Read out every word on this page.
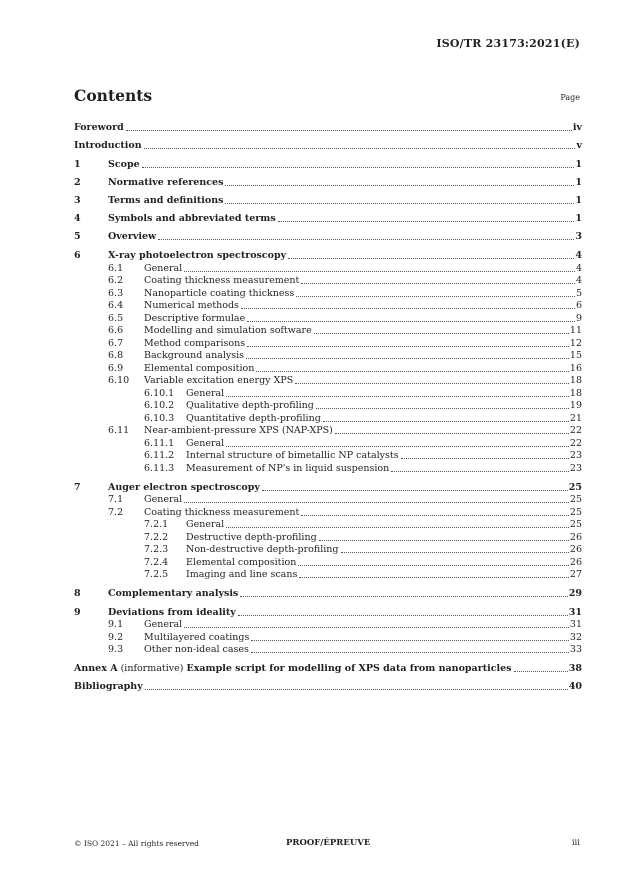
ISO/TR 23173:2021(E)
Contents	Page
Foreword	iv
Introduction	v
1	Scope	1
2	Normative references	1
3	Terms and definitions	1
4	Symbols and abbreviated terms	1
5	Overview	3
6	X-ray photoelectron spectroscopy	4
6.1 General	4
6.2 Coating thickness measurement	4
6.3 Nanoparticle coating thickness	5
6.4 Numerical methods	6
6.5 Descriptive formulae	9
6.6 Modelling and simulation software	11
6.7 Method comparisons	12
6.8 Background analysis	15
6.9 Elemental composition	16
6.10 Variable excitation energy XPS	18
6.10.1 General	18
6.10.2 Qualitative depth-profiling	19
6.10.3 Quantitative depth-profiling	21
6.11 Near-ambient-pressure XPS (NAP-XPS)	22
6.11.1 General	22
6.11.2 Internal structure of bimetallic NP catalysts	23
6.11.3 Measurement of NP's in liquid suspension	23
7	Auger electron spectroscopy	25
7.1 General	25
7.2 Coating thickness measurement	25
7.2.1 General	25
7.2.2 Destructive depth-profiling	26
7.2.3 Non-destructive depth-profiling	26
7.2.4 Elemental composition	26
7.2.5 Imaging and line scans	27
8	Complementary analysis	29
9	Deviations from ideality	31
9.1 General	31
9.2 Multilayered coatings	32
9.3 Other non-ideal cases	33
Annex A (informative) Example script for modelling of XPS data from nanoparticles	38
Bibliography	40
© ISO 2021 – All rights reserved	PROOF/ÉPREUVE	iii
